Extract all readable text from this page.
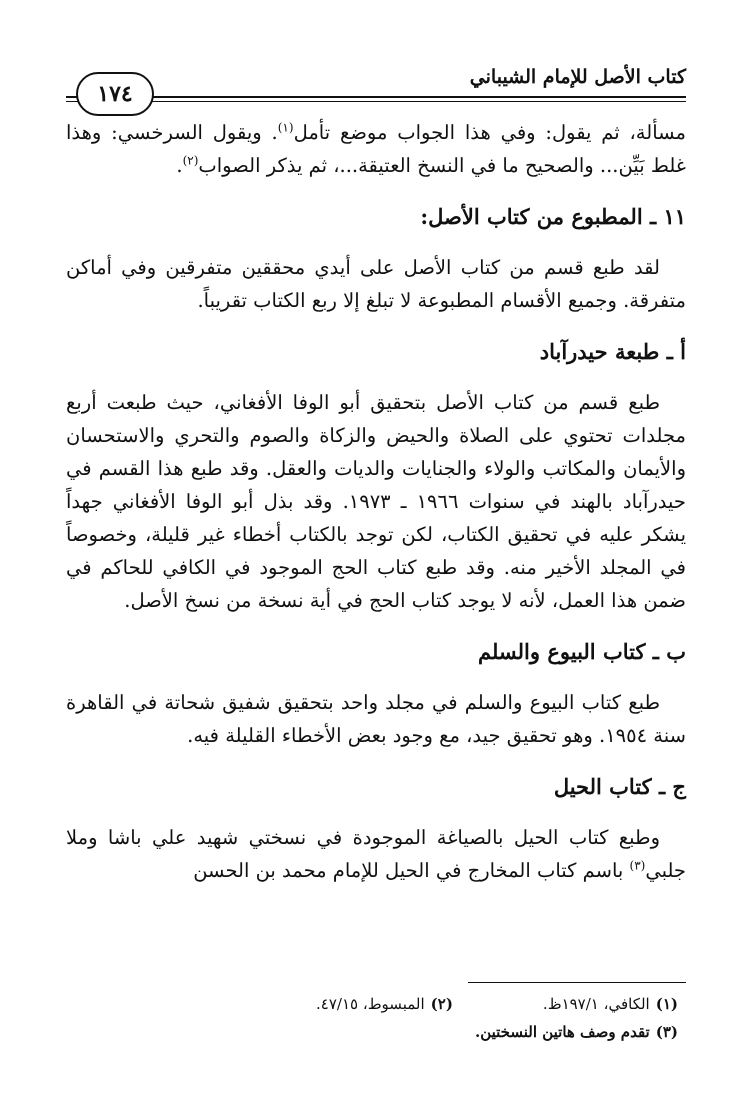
كتاب الأصل للإمام الشيباني
١٧٤

مسألة، ثم يقول: وفي هذا الجواب موضع تأمل$^{(١)}$. ويقول السرخسي: وهذا غلط بَيِّن... والصحيح ما في النسخ العتيقة...، ثم يذكر الصواب$^{(٢)}$.

١١ ـ المطبوع من كتاب الأصل:

لقد طبع قسم من كتاب الأصل على أيدي محققين متفرقين وفي أماكن متفرقة. وجميع الأقسام المطبوعة لا تبلغ إلا ربع الكتاب تقريباً.

أ ـ طبعة حيدرآباد

طبع قسم من كتاب الأصل بتحقيق أبو الوفا الأفغاني، حيث طبعت أربع مجلدات تحتوي على الصلاة والحيض والزكاة والصوم والتحري والاستحسان والأيمان والمكاتب والولاء والجنايات والديات والعقل. وقد طبع هذا القسم في حيدرآباد بالهند في سنوات ١٩٦٦ ـ ١٩٧٣. وقد بذل أبو الوفا الأفغاني جهداً يشكر عليه في تحقيق الكتاب، لكن توجد بالكتاب أخطاء غير قليلة، وخصوصاً في المجلد الأخير منه. وقد طبع كتاب الحج الموجود في الكافي للحاكم في ضمن هذا العمل، لأنه لا يوجد كتاب الحج في أية نسخة من نسخ الأصل.

ب ـ كتاب البيوع والسلم

طبع كتاب البيوع والسلم في مجلد واحد بتحقيق شفيق شحاتة في القاهرة سنة ١٩٥٤. وهو تحقيق جيد، مع وجود بعض الأخطاء القليلة فيه.

ج ـ كتاب الحيل

وطبع كتاب الحيل بالصياغة الموجودة في نسختي شهيد علي باشا وملا جلبي$^{(٣)}$ باسم كتاب المخارج في الحيل للإمام محمد بن الحسن

(١)الكافي، ١٩٧/١ظ.
(٢)المبسوط، ٤٧/١٥.
(٣)تقدم وصف هاتين النسختين.
